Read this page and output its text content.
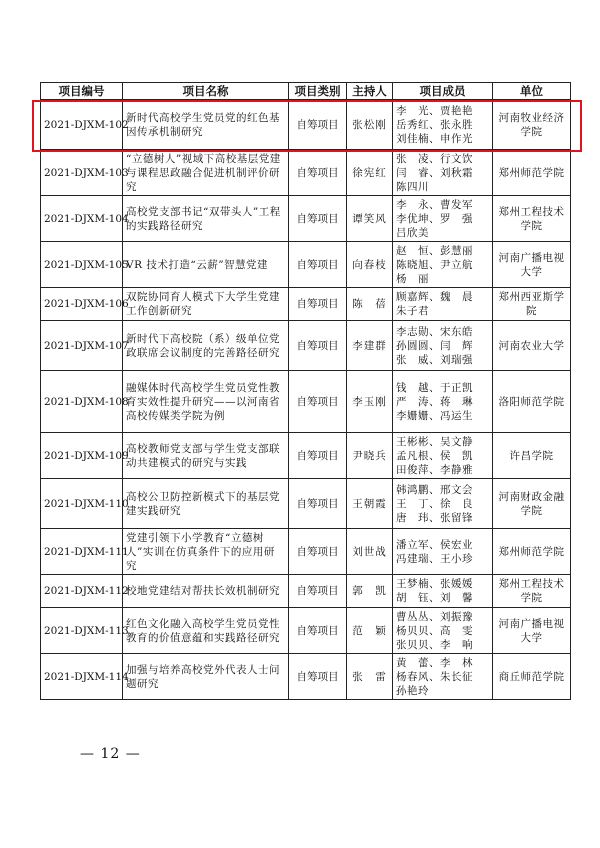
项目编号	项目名称	项目类别	主持人	项目成员	单位
2021-DJXM-102	新时代高校学生党员党的红色基因传承机制研究	自筹项目	张松刚	李　光、贾艳艳
岳秀红、张永胜
刘佳楠、申作光	河南牧业经济学院
2021-DJXM-103	“立德树人”视域下高校基层党建与课程思政融合促进机制评价研究	自筹项目	徐宪红	张　凌、行文饮
闫　睿、刘秋霜
陈四川	郑州师范学院
2021-DJXM-104	高校党支部书记“双带头人”工程的实践路径研究	自筹项目	谭笑风	李　永、曹发军
李优坤、罗　强
吕欣美	郑州工程技术学院
2021-DJXM-105	VR 技术打造“云薪”智慧党建	自筹项目	向春枝	赵　恒、彭慧丽
陈晓旭、尹立航
杨　丽	河南广播电视大学
2021-DJXM-106	双院协同育人模式下大学生党建工作创新研究	自筹项目	陈　蓓	顾嘉辉、魏　晨
朱子君	郑州西亚斯学院
2021-DJXM-107	新时代下高校院（系）级单位党政联席会议制度的完善路径研究	自筹项目	李建群	李志勋、宋东皓
孙圆圆、闫　辉
张　威、刘瑞强	河南农业大学
2021-DJXM-108	融媒体时代高校学生党员党性教育实效性提升研究——以河南省高校传媒类学院为例	自筹项目	李玉刚	钱　越、于正凯
严　涛、蒋　琳
李姗姗、冯运生	洛阳师范学院
2021-DJXM-109	高校教师党支部与学生党支部联动共建模式的研究与实践	自筹项目	尹晓兵	王彬彬、吴文静
孟凡根、侯　凯
田俊萍、李静雅	许昌学院
2021-DJXM-110	高校公卫防控新模式下的基层党建实践研究	自筹项目	王朝霞	韩鸿鹏、邢文会
王　丁、徐　良
唐　玮、张留锋	河南财政金融学院
2021-DJXM-111	党建引领下小学教育“立德树人”实训在仿真条件下的应用研究	自筹项目	刘世战	潘立军、侯宏业
冯建瑞、王小珍	郑州师范学院
2021-DJXM-112	校地党建结对帮扶长效机制研究	自筹项目	郭　凯	王梦楠、张媛媛
胡　钰、刘　馨	郑州工程技术学院
2021-DJXM-113	红色文化融入高校学生党员党性教育的价值意蕴和实践路径研究	自筹项目	范　颖	曹丛丛、刘振豫
杨贝贝、高　雯
张贝贝、李　响	河南广播电视大学
2021-DJXM-114	加强与培养高校党外代表人士问题研究	自筹项目	张　雷	黄　蕾、李　林
杨春风、朱长征
孙艳玲	商丘师范学院
— 12 —
